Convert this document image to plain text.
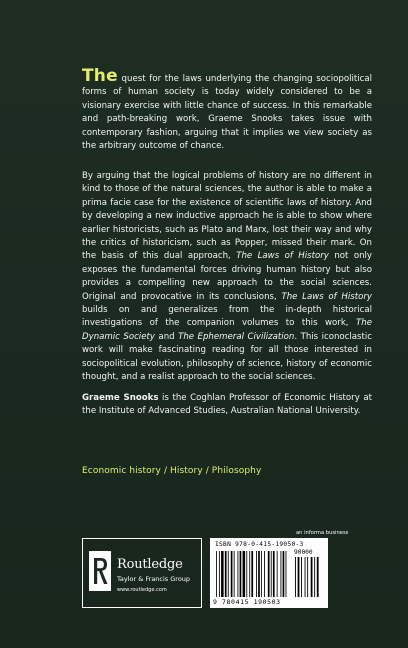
The quest for the laws underlying the changing sociopolitical forms of human society is today widely considered to be a visionary exercise with little chance of success. In this remarkable and path-breaking work, Graeme Snooks takes issue with contemporary fashion, arguing that it implies we view society as the arbitrary outcome of chance.

By arguing that the logical problems of history are no different in kind to those of the natural sciences, the author is able to make a prima facie case for the existence of scientific laws of history. And by developing a new inductive approach he is able to show where earlier historicists, such as Plato and Marx, lost their way and why the critics of historicism, such as Popper, missed their mark. On the basis of this dual approach, The Laws of History not only exposes the fundamental forces driving human history but also provides a compelling new approach to the social sciences. Original and provocative in its conclusions, The Laws of History builds on and generalizes from the in-depth historical investigations of the companion volumes to this work, The Dynamic Society and The Ephemeral Civilization. This iconoclastic work will make fascinating reading for all those interested in sociopolitical evolution, philosophy of science, history of economic thought, and a realist approach to the social sciences.

Graeme Snooks is the Coghlan Professor of Economic History at the Institute of Advanced Studies, Australian National University.

Economic history / History / Philosophy
an informa business
Routledge
Taylor & Francis Group
www.routledge.com
ISBN 978-0-415-19050-3
90000
9 780415 190503
